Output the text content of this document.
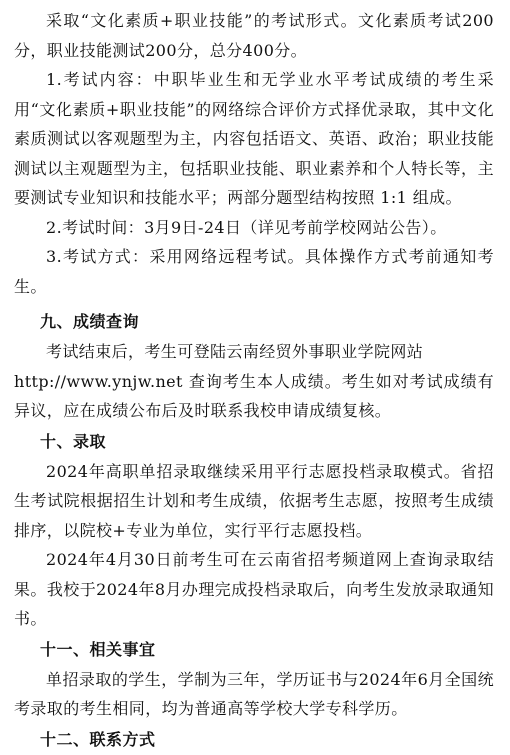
采取“文化素质+职业技能”的考试形式。文化素质考试200分，职业技能测试200分，总分400分。

1.考试内容：中职毕业生和无学业水平考试成绩的考生采用“文化素质+职业技能”的网络综合评价方式择优录取，其中文化素质测试以客观题型为主，内容包括语文、英语、政治；职业技能测试以主观题型为主，包括职业技能、职业素养和个人特长等，主要测试专业知识和技能水平；两部分题型结构按照 1:1 组成。

2.考试时间：3月9日-24日（详见考前学校网站公告）。

3.考试方式：采用网络远程考试。具体操作方式考前通知考生。

九、成绩查询

考试结束后，考生可登陆云南经贸外事职业学院网站

http://www.ynjw.net 查询考生本人成绩。考生如对考试成绩有异议，应在成绩公布后及时联系我校申请成绩复核。

十、录取

2024年高职单招录取继续采用平行志愿投档录取模式。省招生考试院根据招生计划和考生成绩，依据考生志愿，按照考生成绩排序，以院校+专业为单位，实行平行志愿投档。

2024年4月30日前考生可在云南省招考频道网上查询录取结果。我校于2024年8月办理完成投档录取后，向考生发放录取通知书。

十一、相关事宜

单招录取的学生，学制为三年，学历证书与2024年6月全国统考录取的考生相同，均为普通高等学校大学专科学历。

十二、联系方式
